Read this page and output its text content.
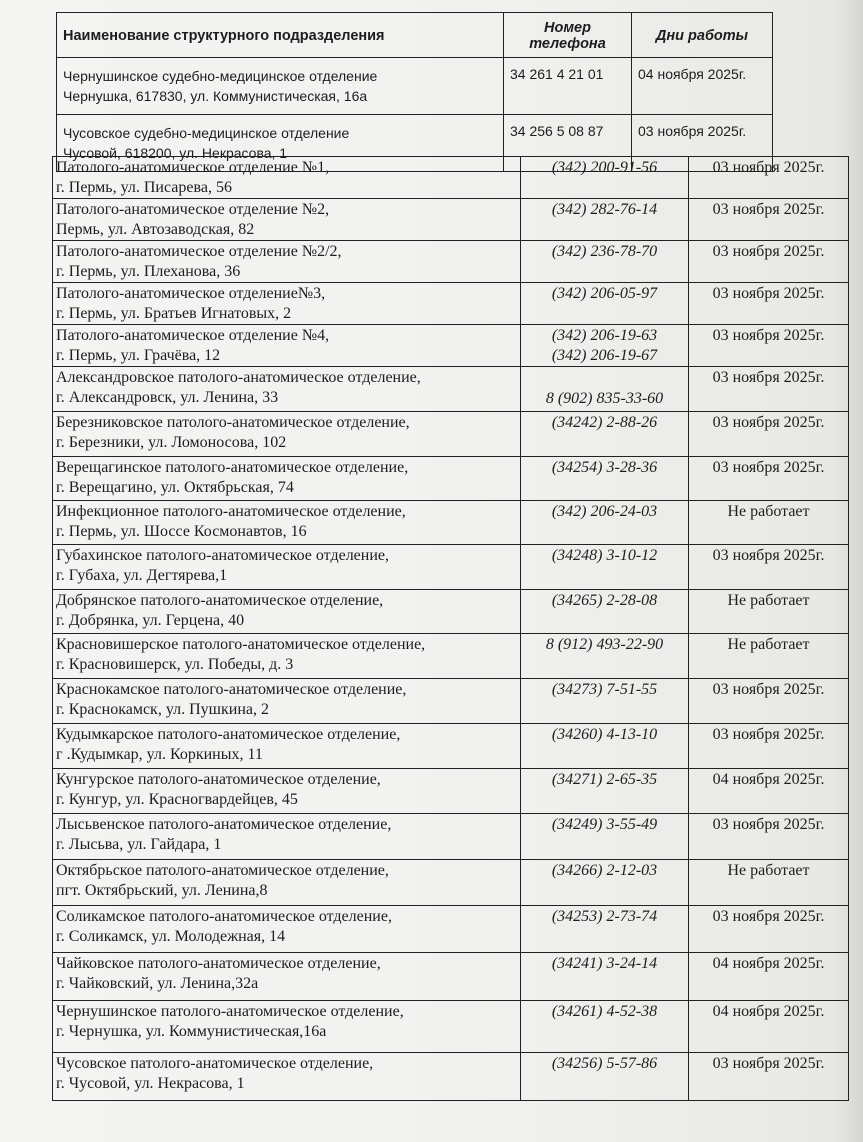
Наименование структурного подразделения	Номер телефона	Дни работы

Чернушинское судебно-медицинское отделение
Чернушка, 617830, ул. Коммунистическая, 16а	34 261 4 21 01	04 ноября 2025г.

Чусовское судебно-медицинское отделение
Чусовой, 618200, ул. Некрасова, 1	34 256 5 08 87	03 ноября 2025г.
Патолого-анатомическое отделение №1,
г. Пермь, ул. Писарева, 56	(342) 200-91-56	03 ноября 2025г.

Патолого-анатомическое отделение №2,
Пермь, ул. Автозаводская, 82	(342) 282-76-14	03 ноября 2025г.

Патолого-анатомическое отделение №2/2,
г. Пермь, ул. Плеханова, 36	(342) 236-78-70	03 ноября 2025г.

Патолого-анатомическое отделение№3,
г. Пермь, ул. Братьев Игнатовых, 2	(342) 206-05-97	03 ноября 2025г.

Патолого-анатомическое отделение №4,
г. Пермь, ул. Грачёва, 12	(342) 206-19-63
(342) 206-19-67	03 ноября 2025г.

Александровское патолого-анатомическое отделение,
г. Александровск, ул. Ленина, 33	8 (902) 835-33-60	03 ноября 2025г.

Березниковское патолого-анатомическое отделение,
г. Березники, ул. Ломоносова, 102	(34242) 2-88-26	03 ноября 2025г.

Верещагинское патолого-анатомическое отделение,
г. Верещагино, ул. Октябрьская, 74	(34254) 3-28-36	03 ноября 2025г.

Инфекционное патолого-анатомическое отделение,
г. Пермь, ул. Шоссе Космонавтов, 16	(342) 206-24-03	Не работает

Губахинское патолого-анатомическое отделение,
г. Губаха, ул. Дегтярева,1	(34248) 3-10-12	03 ноября 2025г.

Добрянское патолого-анатомическое отделение,
г. Добрянка, ул. Герцена, 40	(34265) 2-28-08	Не работает

Красновишерское патолого-анатомическое отделение,
г. Красновишерск, ул. Победы, д. 3	8 (912) 493-22-90	Не работает

Краснокамское патолого-анатомическое отделение,
г. Краснокамск, ул. Пушкина, 2	(34273) 7-51-55	03 ноября 2025г.

Кудымкарское патолого-анатомическое отделение,
г .Кудымкар, ул. Коркиных, 11	(34260) 4-13-10	03 ноября 2025г.

Кунгурское патолого-анатомическое отделение,
г. Кунгур, ул. Красногвардейцев, 45	(34271) 2-65-35	04 ноября 2025г.

Лысьвенское патолого-анатомическое отделение,
г. Лысьва, ул. Гайдара, 1	(34249) 3-55-49	03 ноября 2025г.

Октябрьское патолого-анатомическое отделение,
пгт. Октябрьский, ул. Ленина,8	(34266) 2-12-03	Не работает

Соликамское патолого-анатомическое отделение,
г. Соликамск, ул. Молодежная, 14	(34253) 2-73-74	03 ноября 2025г.

Чайковское патолого-анатомическое отделение,
г. Чайковский, ул. Ленина,32а	(34241) 3-24-14	04 ноября 2025г.

Чернушинское патолого-анатомическое отделение,
г. Чернушка, ул. Коммунистическая,16а	(34261) 4-52-38	04 ноября 2025г.

Чусовское патолого-анатомическое отделение,
г. Чусовой, ул. Некрасова, 1	(34256) 5-57-86	03 ноября 2025г.
